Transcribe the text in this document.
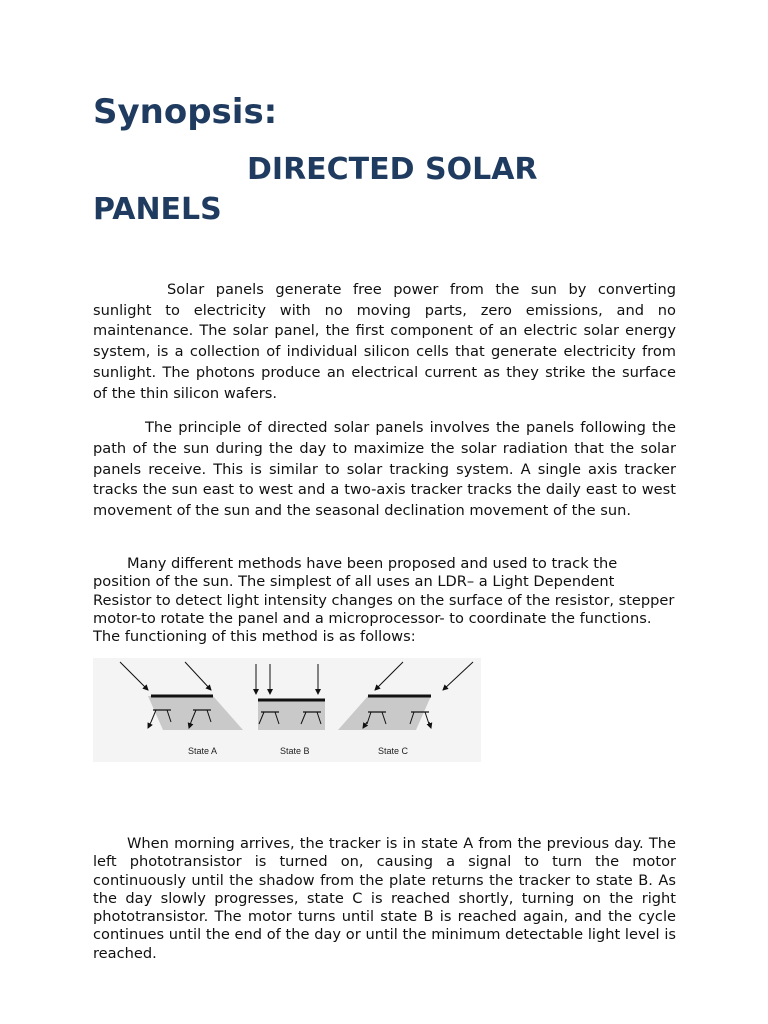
Synopsis:
DIRECTED SOLAR
PANELS

Solar panels generate free power from the sun by converting sunlight to electricity with no moving parts, zero emissions, and no maintenance. The solar panel, the first component of an electric solar energy system, is a collection of individual silicon cells that generate electricity from sunlight. The photons produce an electrical current as they strike the surface of the thin silicon wafers.

The principle of directed solar panels involves the panels following the path of the sun during the day to maximize the solar radiation that the solar panels receive. This is similar to solar tracking system. A single axis tracker tracks the sun east to west and a two-axis tracker tracks the daily east to west movement of the sun and the seasonal declination movement of the sun.

Many different methods have been proposed and used to track the position of the sun. The simplest of all uses an LDR– a Light Dependent Resistor to detect light intensity changes on the surface of the resistor, stepper motor-to rotate the panel and a microprocessor- to coordinate the functions. The functioning of this method is as follows:

State A	State B	State C

When morning arrives, the tracker is in state A from the previous day. The left phototransistor is turned on, causing a signal to turn the motor continuously until the shadow from the plate returns the tracker to state B. As the day slowly progresses, state C is reached shortly, turning on the right phototransistor. The motor turns until state B is reached again, and the cycle continues until the end of the day or until the minimum detectable light level is reached.
